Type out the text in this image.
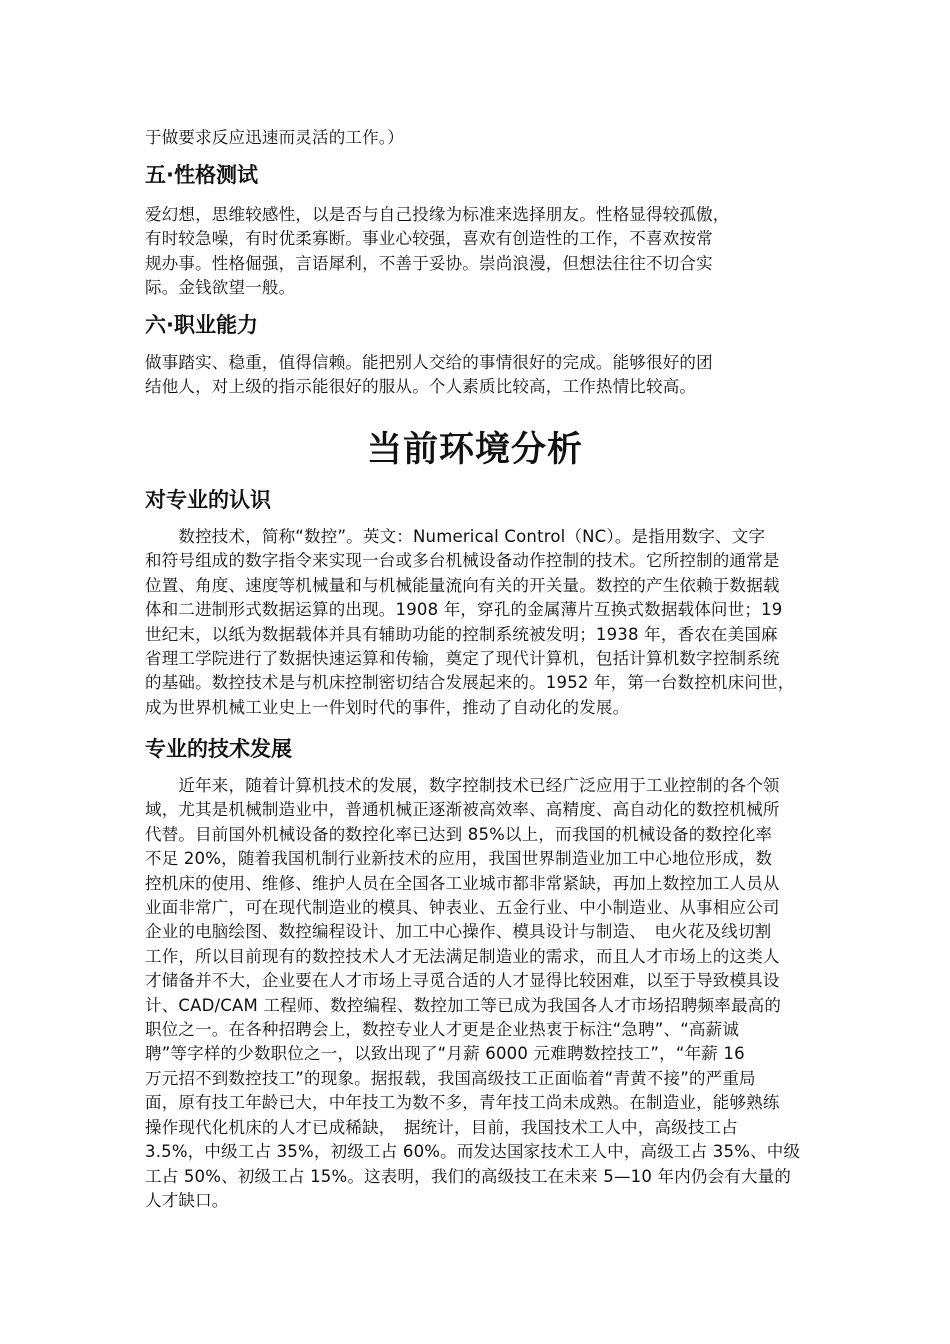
于做要求反应迅速而灵活的工作。）
五·性格测试
爱幻想，思维较感性，以是否与自己投缘为标准来选择朋友。性格显得较孤傲，
有时较急噪，有时优柔寡断。事业心较强，喜欢有创造性的工作，不喜欢按常
规办事。性格倔强，言语犀利，不善于妥协。崇尚浪漫，但想法往往不切合实
际。金钱欲望一般。
六·职业能力
做事踏实、稳重，值得信赖。能把别人交给的事情很好的完成。能够很好的团
结他人，对上级的指示能很好的服从。个人素质比较高，工作热情比较高。
当前环境分析
对专业的认识
　　数控技术，简称“数控”。英文：Numerical Control（NC）。是指用数字、文字
和符号组成的数字指令来实现一台或多台机械设备动作控制的技术。它所控制的通常是
位置、角度、速度等机械量和与机械能量流向有关的开关量。数控的产生依赖于数据载
体和二进制形式数据运算的出现。1908 年，穿孔的金属薄片互换式数据载体问世；19
世纪末，以纸为数据载体并具有辅助功能的控制系统被发明；1938 年，香农在美国麻
省理工学院进行了数据快速运算和传输，奠定了现代计算机，包括计算机数字控制系统
的基础。数控技术是与机床控制密切结合发展起来的。1952 年，第一台数控机床问世，
成为世界机械工业史上一件划时代的事件，推动了自动化的发展。
专业的技术发展
　　近年来，随着计算机技术的发展，数字控制技术已经广泛应用于工业控制的各个领
域，尤其是机械制造业中，普通机械正逐渐被高效率、高精度、高自动化的数控机械所
代替。目前国外机械设备的数控化率已达到 85%以上，而我国的机械设备的数控化率
不足 20%，随着我国机制行业新技术的应用，我国世界制造业加工中心地位形成，数
控机床的使用、维修、维护人员在全国各工业城市都非常紧缺，再加上数控加工人员从
业面非常广，可在现代制造业的模具、钟表业、五金行业、中小制造业、从事相应公司
企业的电脑绘图、数控编程设计、加工中心操作、模具设计与制造、　电火花及线切割
工作，所以目前现有的数控技术人才无法满足制造业的需求，而且人才市场上的这类人
才储备并不大，企业要在人才市场上寻觅合适的人才显得比较困难，以至于导致模具设
计、CAD/CAM 工程师、数控编程、数控加工等已成为我国各人才市场招聘频率最高的
职位之一。在各种招聘会上，数控专业人才更是企业热衷于标注“急聘”、“高薪诚
聘”等字样的少数职位之一，以致出现了“月薪 6000 元难聘数控技工”，“年薪 16
万元招不到数控技工”的现象。据报载，我国高级技工正面临着“青黄不接”的严重局
面，原有技工年龄已大，中年技工为数不多，青年技工尚未成熟。在制造业，能够熟练
操作现代化机床的人才已成稀缺，　据统计，目前，我国技术工人中，高级技工占
3.5%，中级工占 35%，初级工占 60%。而发达国家技术工人中，高级工占 35%、中级
工占 50%、初级工占 15%。这表明，我们的高级技工在未来 5—10 年内仍会有大量的
人才缺口。
